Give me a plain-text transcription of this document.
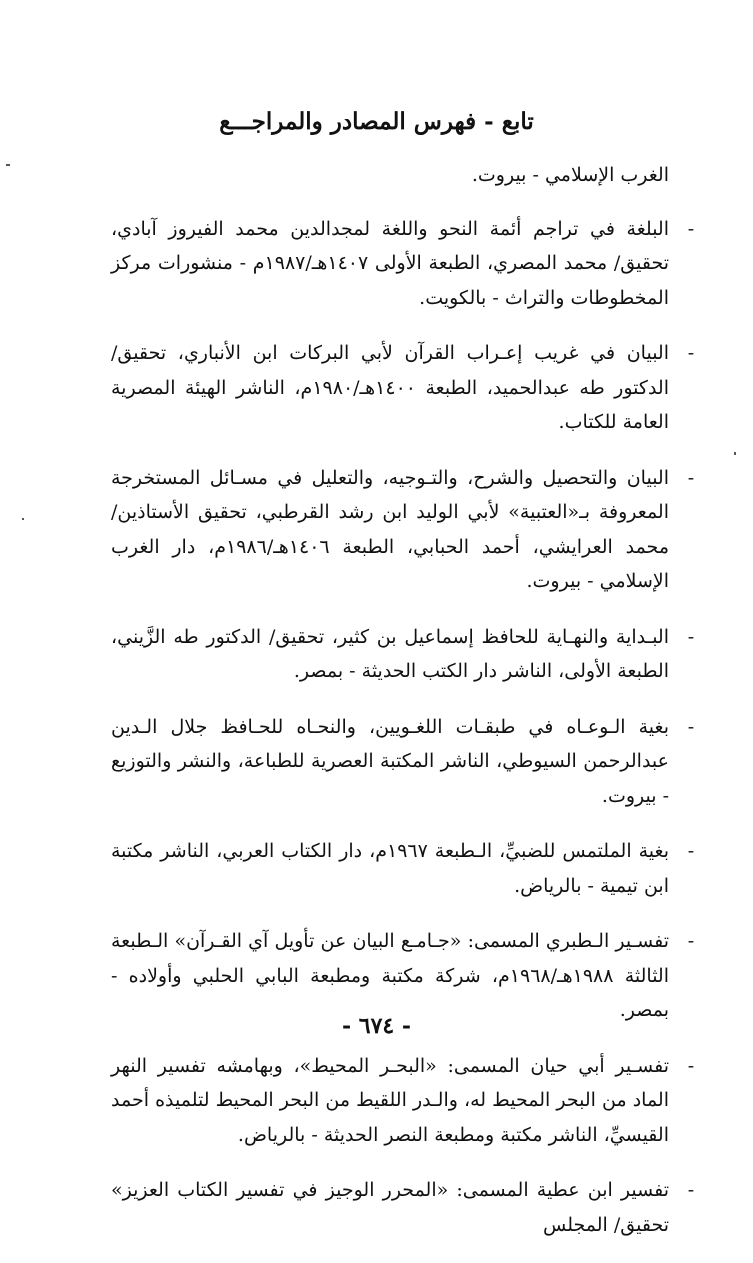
تابع - فهرس المصادر والمراجـــع
الغرب الإسلامي - بيروت.
-
البلغة في تراجم أئمة النحو واللغة لمجدالدين محمد الفيروز آبادي، تحقيق/ محمد المصري، الطبعة الأولى ١٤٠٧هـ/١٩٨٧م - منشورات مركز المخطوطات والتراث - بالكويت.
-
البيان في غريب إعـراب القرآن لأبي البركات ابن الأنباري، تحقيق/ الدكتور طه عبدالحميد، الطبعة ١٤٠٠هـ/١٩٨٠م، الناشر الهيئة المصرية العامة للكتاب.
-
البيان والتحصيل والشرح، والتـوجيه، والتعليل في مسـائل المستخرجة المعروفة بـ«العتبية» لأبي الوليد ابن رشد القرطبي، تحقيق الأستاذين/ محمد العرايشي، أحمد الحبابي، الطبعة ١٤٠٦هـ/١٩٨٦م، دار الغرب الإسلامي - بيروت.
-
البـداية والنهـاية للحافظ إسماعيل بن كثير، تحقيق/ الدكتور طه الزَّيني، الطبعة الأولى، الناشر دار الكتب الحديثة - بمصر.
-
بغية الـوعـاه في طبقـات اللغـويين، والنحـاه للحـافظ جلال الـدين عبدالرحمن السيوطي، الناشر المكتبة العصرية للطباعة، والنشر والتوزيع - بيروت.
-
بغية الملتمس للضبيِّ، الـطبعة ١٩٦٧م، دار الكتاب العربي، الناشر مكتبة ابن تيمية - بالرياض.
-
تفسـير الـطبري المسمى: «جـامـع البيان عن تأويل آي القـرآن» الـطبعة الثالثة ١٩٨٨هـ/١٩٦٨م، شركة مكتبة ومطبعة البابي الحلبي وأولاده - بمصر.
-
تفسـير أبي حيان المسمى: «البحـر المحيط»، وبهامشه تفسير النهر الماد من البحر المحيط له، والـدر اللقيط من البحر المحيط لتلميذه أحمد القيسيِّ، الناشر مكتبة ومطبعة النصر الحديثة - بالرياض.
-
تفسير ابن عطية المسمى: «المحرر الوجيز في تفسير الكتاب العزيز» تحقيق/ المجلس
- ٦٧٤ -
